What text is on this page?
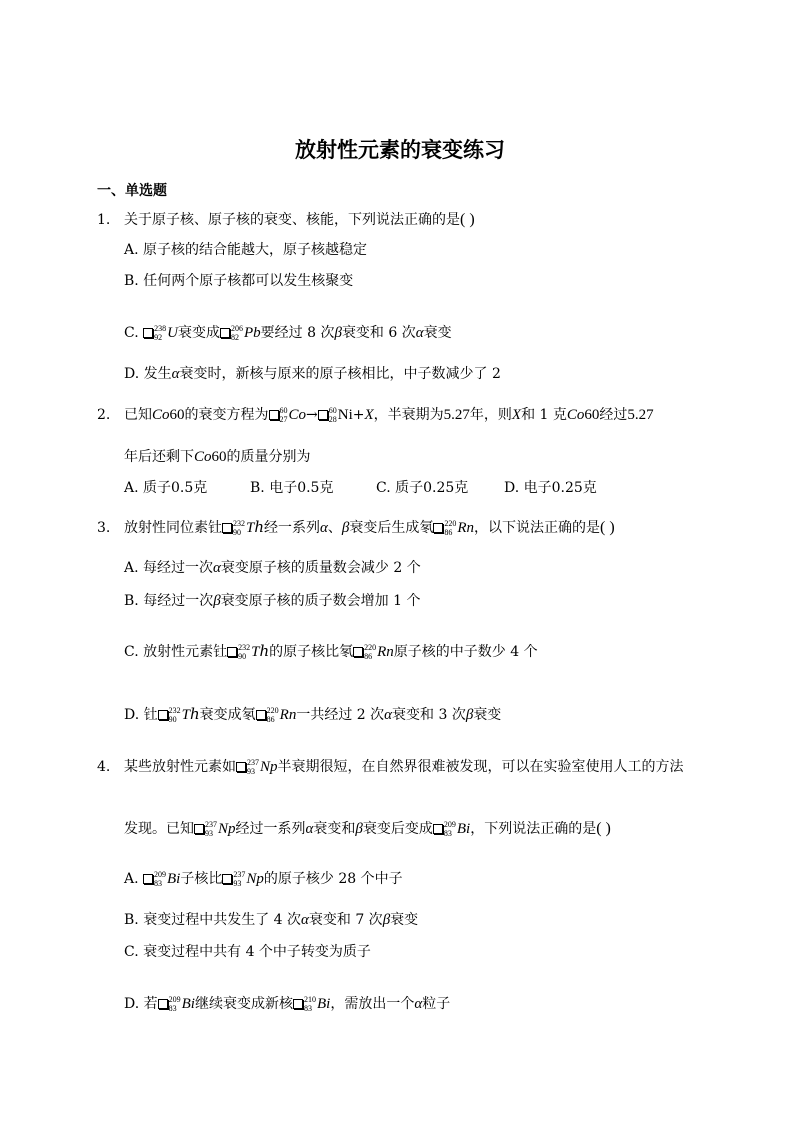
放射性元素的衰变练习
一、单选题
1. 关于原子核、原子核的衰变、核能，下列说法正确的是( )
A. 原子核的结合能越大，原子核越稳定
B. 任何两个原子核都可以发生核聚变
C. 238
92 U衰变成 206
82 Pb要经过 8 次β衰变和 6 次α衰变
D. 发生α衰变时，新核与原来的原子核相比，中子数减少了 2
2. 已知Co60的衰变方程为 60
27 Co→ 60
28 Ni+X，半衰期为5.27年，则X和 1 克Co60经过5.27
年后还剩下Co60的质量分别为
A. 质子0.5克	B. 电子0.5克	C. 质子0.25克	D. 电子0.25克
3. 放射性同位素钍 232
90 Tℎ经一系列α、β衰变后生成氡 220
86 Rn，以下说法正确的是( )
A. 每经过一次α衰变原子核的质量数会减少 2 个
B. 每经过一次β衰变原子核的质子数会增加 1 个
C. 放射性元素钍 232
90 Tℎ的原子核比氡 220
86 Rn原子核的中子数少 4 个
D. 钍 232
90 Tℎ衰变成氡 220
86 Rn一共经过 2 次α衰变和 3 次β衰变
4. 某些放射性元素如 237
93 Np半衰期很短，在自然界很难被发现，可以在实验室使用人工的方法
发现。已知 237
93 Np经过一系列α衰变和β衰变后变成 209
83 Bi，下列说法正确的是( )
A. 209
83 Bi子核比 237
93 Np的原子核少 28 个中子
B. 衰变过程中共发生了 4 次α衰变和 7 次β衰变
C. 衰变过程中共有 4 个中子转变为质子
D. 若 209
83 Bi继续衰变成新核 210
83 Bi，需放出一个α粒子
